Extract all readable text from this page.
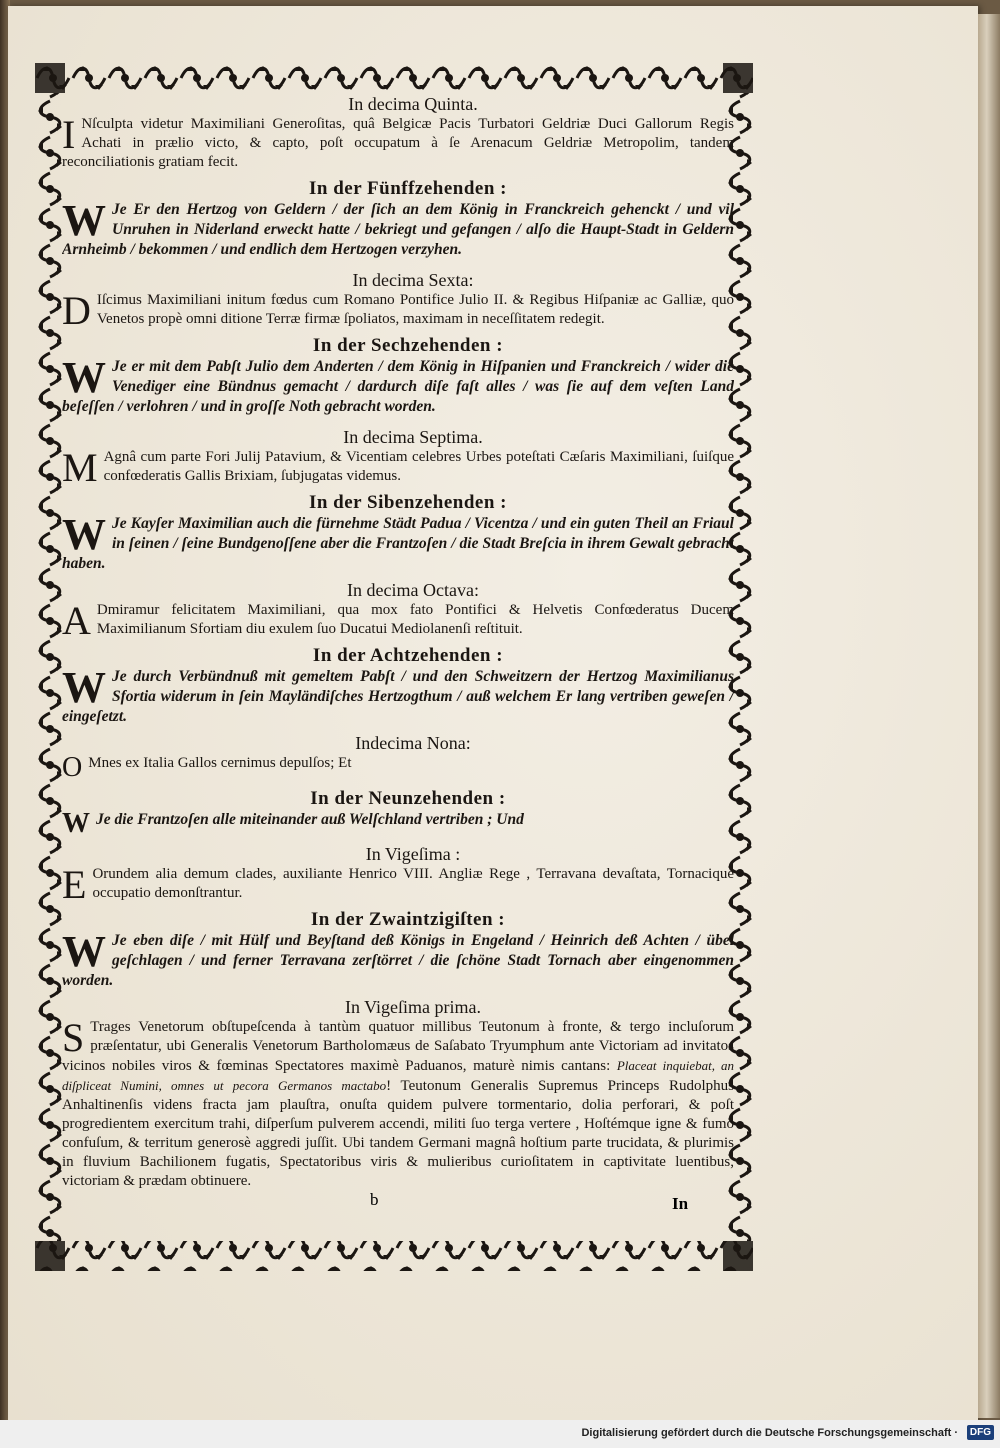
In decima Quinta.

I Nſculpta videtur Maximiliani Generoſitas, quâ Belgicæ Pacis Turbatori Geldriæ Duci Gallorum Regis Achati in prælio victo, & capto, poſt occupatum à ſe Arenacum Geldriæ Metropolim, tandem reconciliationis gratiam fecit.

In der Fünffzehenden :

W Je Er den Hertzog von Geldern / der ſich an dem König in Franckreich gehenckt / und vil Unruhen in Niderland erweckt hatte / bekriegt und gefangen / alſo die Haupt-Stadt in Geldern Arnheimb / bekommen / und endlich dem Hertzogen verzyhen.

In decima Sexta:

D Iſcimus Maximiliani initum fœdus cum Romano Pontifice Julio II. & Regibus Hiſpaniæ ac Galliæ, quo Venetos propè omni ditione Terræ firmæ ſpoliatos, maximam in neceſſitatem redegit.

In der Sechzehenden :

W Je er mit dem Pabſt Julio dem Anderten / dem König in Hiſpanien und Franckreich / wider die Venediger eine Bündnus gemacht / dardurch diſe faſt alles / was ſie auf dem veſten Land beſeſſen / verlohren / und in groſſe Noth gebracht worden.

In decima Septima.

M Agnâ cum parte Fori Julij Patavium, & Vicentiam celebres Urbes poteſtati Cæſaris Maximiliani, ſuiſque confœderatis Gallis Brixiam, ſubjugatas videmus.

In der Sibenzehenden :

W Je Kayſer Maximilian auch die fürnehme Städt Padua / Vicentza / und ein guten Theil an Friaul in ſeinen / ſeine Bundgenoſſene aber die Frantzoſen / die Stadt Breſcia in ihrem Gewalt gebracht haben.

In decima Octava:

A Dmiramur felicitatem Maximiliani, qua mox fato Pontifici & Helvetis Confœderatus Ducem Maximilianum Sfortiam diu exulem ſuo Ducatui Mediolanenſi reſtituit.

In der Achtzehenden :

W Je durch Verbündnuß mit gemeltem Pabſt / und den Schweitzern der Hertzog Maximilianus Sfortia widerum in ſein Mayländiſches Hertzogthum / auß welchem Er lang vertriben geweſen / eingeſetzt.

Indecima Nona:

O Mnes ex Italia Gallos cernimus depulſos; Et

In der Neunzehenden :

W Je die Frantzoſen alle miteinander auß Welſchland vertriben ; Und

In Vigeſima :

E Orundem alia demum clades, auxiliante Henrico VIII. Angliæ Rege , Terravana devaſtata, Tornacique occupatio demonſtrantur.

In der Zwaintzigiſten :

W Je eben diſe / mit Hülf und Beyſtand deß Königs in Engeland / Heinrich deß Achten / übel geſchlagen / und ferner Terravana zerſtörret / die ſchöne Stadt Tornach aber eingenommen worden.

In Vigeſima prima.

S Trages Venetorum obſtupeſcenda à tantùm quatuor millibus Teutonum à fronte, & tergo incluſorum præſentatur, ubi Generalis Venetorum Bartholomæus de Saſabato Tryumphum ante Victoriam ad invitatos vicinos nobiles viros & fœminas Spectatores maximè Paduanos, maturè nimis cantans: Placeat inquiebat, an diſpliceat Numini, omnes ut pecora Germanos mactabo! Teutonum Generalis Supremus Princeps Rudolphus Anhaltinenſis videns fracta jam plauſtra, onuſta quidem pulvere tormentario, dolia perforari, & poſt progredientem exercitum trahi, diſperſum pulverem accendi, militi ſuo terga vertere , Hoſtémque igne & fumo confuſum, & territum generosè aggredi juſſit. Ubi tandem Germani magnâ hoſtium parte trucidata, & plurimis in fluvium Bachilionem fugatis, Spectatoribus viris & mulieribus curioſitatem in captivitate luentibus, victoriam & prædam obtinuere.

b	In
Digitalisierung gefördert durch die Deutsche Forschungsgemeinschaft ·	DFG
